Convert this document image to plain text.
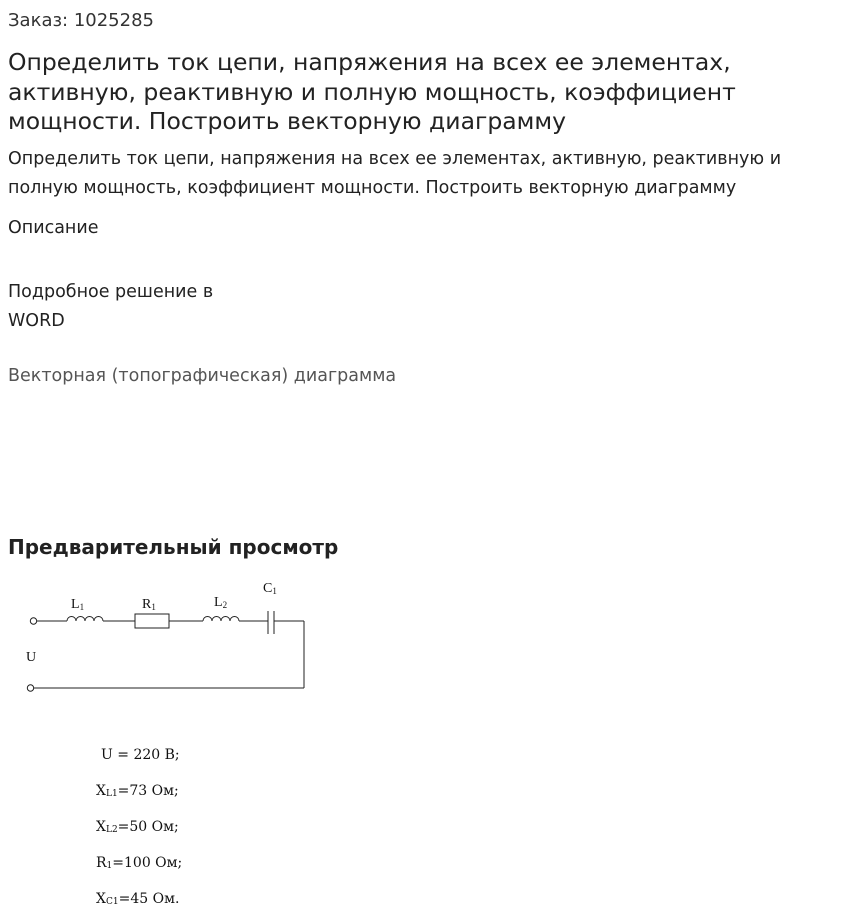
Заказ: 1025285
Определить ток цепи, напряжения на всех ее элементах, активную, реактивную и полную мощность, коэффициент мощности. Построить векторную диаграмму
Определить ток цепи, напряжения на всех ее элементах, активную, реактивную и полную мощность, коэффициент мощности. Построить векторную диаграмму
Описание
Подробное решение в
WORD
Векторная (топографическая) диаграмма
Предварительный просмотр
L1	R1	L2
C1
U
U = 220 В;
$X_{L1}=73$ Ом;
$X_{L2}=50$ Ом;
$R_1=100$ Ом;
$X_{C1}=45$ Ом.
